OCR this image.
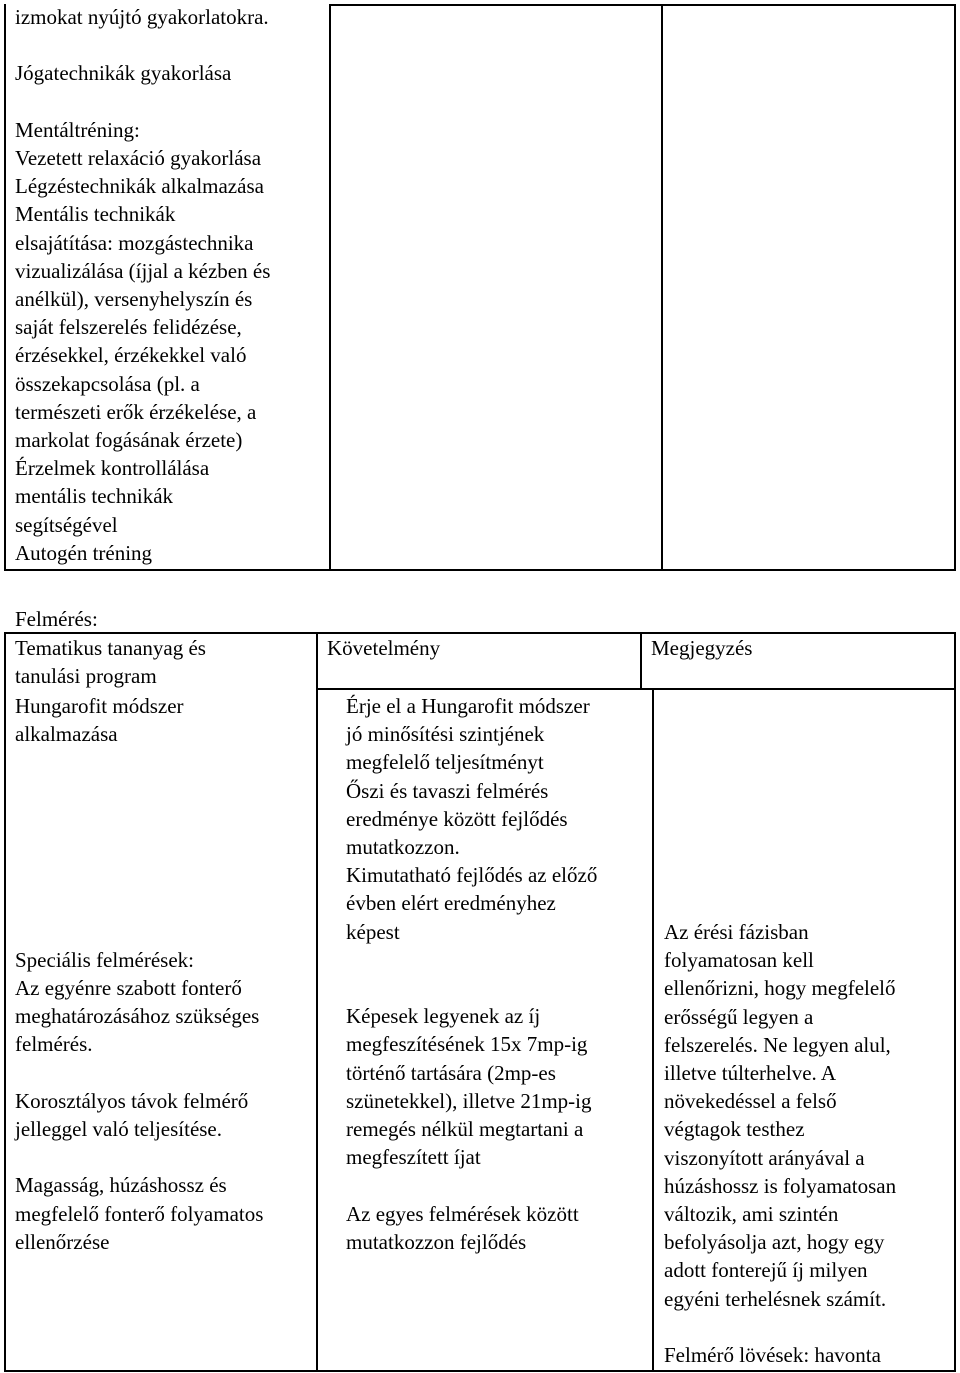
izmokat nyújtó gyakorlatokra.

Jógatechnikák gyakorlása

Mentáltréning:
Vezetett relaxáció gyakorlása
Légzéstechnikák alkalmazása
Mentális technikák
elsajátítása: mozgástechnika
vizualizálása (íjjal a kézben és
anélkül), versenyhelyszín és
saját felszerelés felidézése,
érzésekkel, érzékekkel való
összekapcsolása (pl. a
természeti erők érzékelése, a
markolat fogásának érzete)
Érzelmek kontrollálása
mentális technikák
segítségével
Autogén tréning
Felmérés:
Tematikus tananyag és
tanulási program
Követelmény	Megjegyzés
Hungarofit módszer
alkalmazása

Speciális felmérések:
Az egyénre szabott fonterő
meghatározásához szükséges
felmérés.

Korosztályos távok felmérő
jelleggel való teljesítése.

Magasság, húzáshossz és
megfelelő fonterő folyamatos
ellenőrzése
Érje el a Hungarofit módszer
jó minősítési szintjének
megfelelő teljesítményt
Őszi és tavaszi felmérés
eredménye között fejlődés
mutatkozzon.
Kimutatható fejlődés az előző
évben elért eredményhez
képest

Képesek legyenek az íj
megfeszítésének 15x 7mp-ig
történő tartására (2mp-es
szünetekkel), illetve 21mp-ig
remegés nélkül megtartani a
megfeszített íjat

Az egyes felmérések között
mutatkozzon fejlődés
Az érési fázisban
folyamatosan kell
ellenőrizni, hogy megfelelő
erősségű legyen a
felszerelés. Ne legyen alul,
illetve túlterhelve. A
növekedéssel a felső
végtagok testhez
viszonyított arányával a
húzáshossz is folyamatosan
változik, ami szintén
befolyásolja azt, hogy egy
adott fonterejű íj milyen
egyéni terhelésnek számít.

Felmérő lövések: havonta
